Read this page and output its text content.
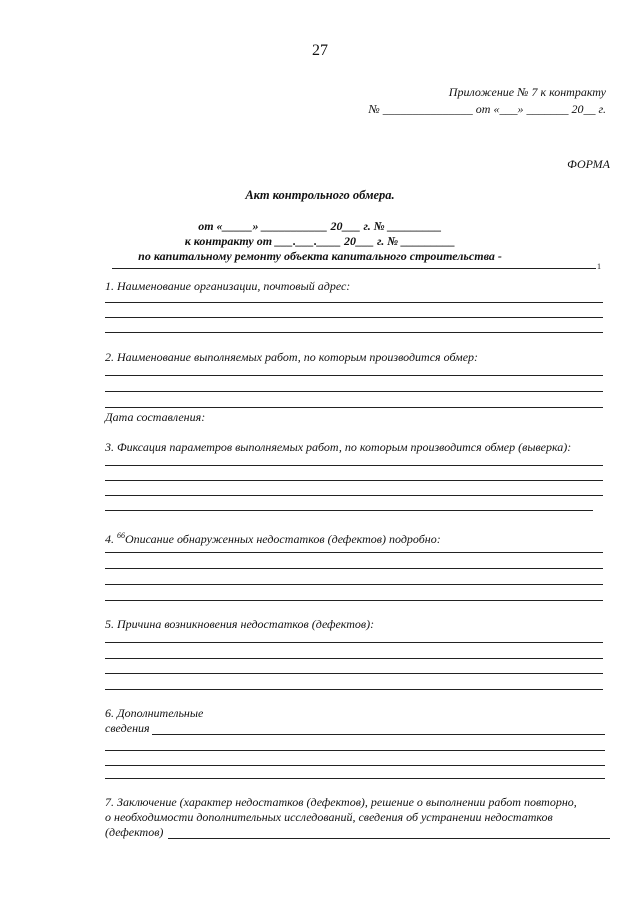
27
Приложение № 7 к контракту
№ _______________ от «___» _______ 20__ г.
ФОРМА
Акт контрольного обмера.
от «_____» ___________ 20___ г. № _________
к контракту от ___.___.____ 20___ г. № _________
по капитальному ремонту объекта капитального строительства -
1
1. Наименование организации, почтовый адрес:
2. Наименование выполняемых работ, по которым производится обмер:
Дата составления:
3. Фиксация параметров выполняемых работ, по которым производится обмер (выверка):
4. $^{66}$Описание обнаруженных недостатков (дефектов) подробно:
5. Причина возникновения недостатков (дефектов):
6. Дополнительные
сведения
7. Заключение (характер недостатков (дефектов), решение о выполнении работ повторно,
о необходимости дополнительных исследований, сведения об устранении недостатков
(дефектов)
